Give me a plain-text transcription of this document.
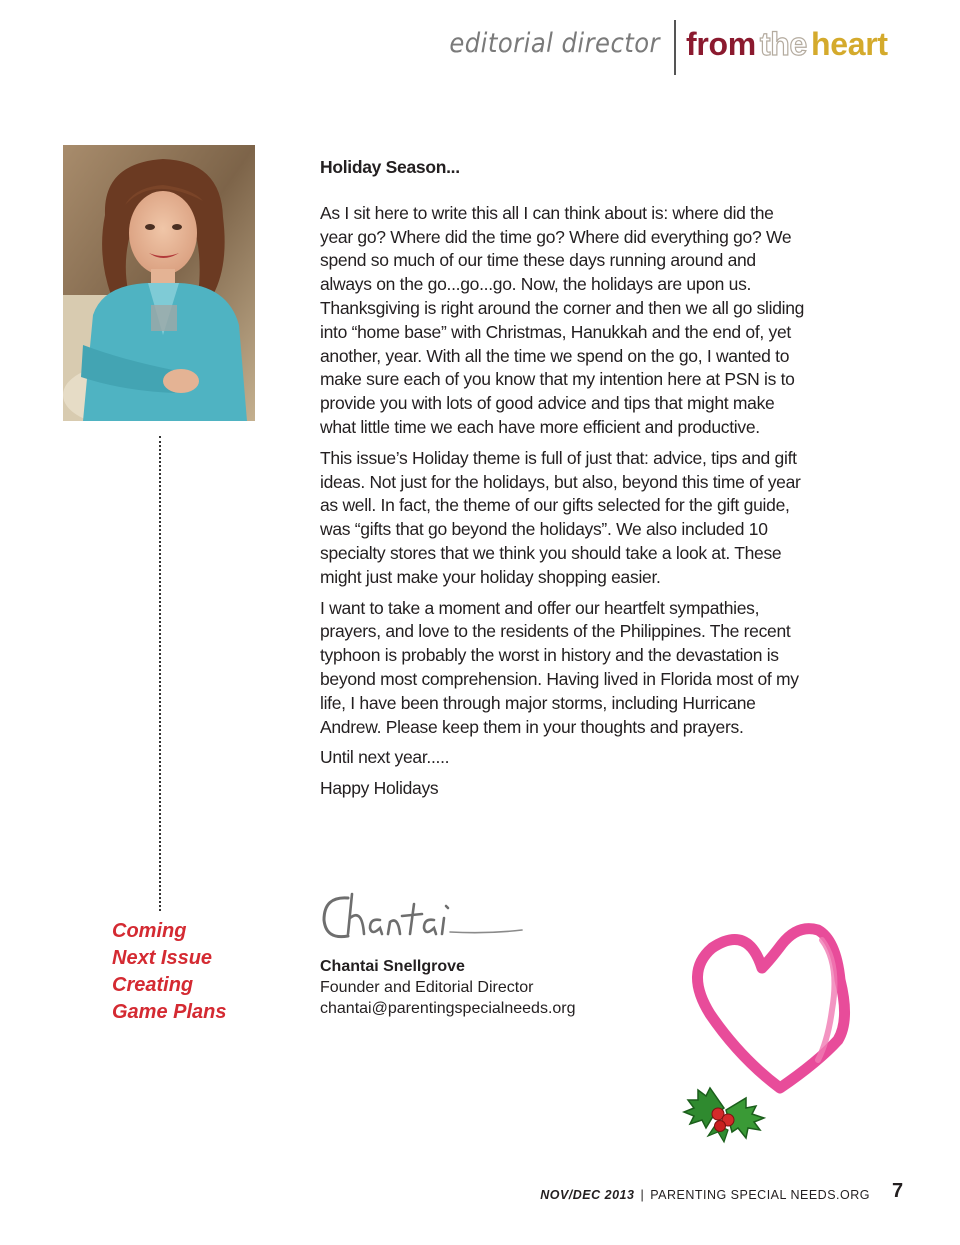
editorial director from the heart
Coming
Next Issue
Creating
Game Plans
Holiday Season...

As I sit here to write this all I can think about is: where did the year go? Where did the time go? Where did everything go? We spend so much of our time these days running around and always on the go...go...go. Now, the holidays are upon us. Thanksgiving is right around the corner and then we all go sliding into “home base” with Christmas, Hanukkah and the end of, yet another, year. With all the time we spend on the go, I wanted to make sure each of you know that my intention here at PSN is to provide you with lots of good advice and tips that might make what little time we each have more efficient and productive.

This issue’s Holiday theme is full of just that: advice, tips and gift ideas. Not just for the holidays, but also, beyond this time of year as well. In fact, the theme of our gifts selected for the gift guide, was “gifts that go beyond the holidays”. We also included 10 specialty stores that we think you should take a look at. These might just make your holiday shopping easier.

I want to take a moment and offer our heartfelt sympathies, prayers, and love to the residents of the Philippines. The recent typhoon is probably the worst in history and the devastation is beyond most comprehension. Having lived in Florida most of my life, I have been through major storms, including Hurricane Andrew. Please keep them in your thoughts and prayers.

Until next year.....

Happy Holidays

Chantai Snellgrove
Founder and Editorial Director
chantai@parentingspecialneeds.org
NOV/DEC 2013 | PARENTING SPECIAL NEEDS.ORG 7
